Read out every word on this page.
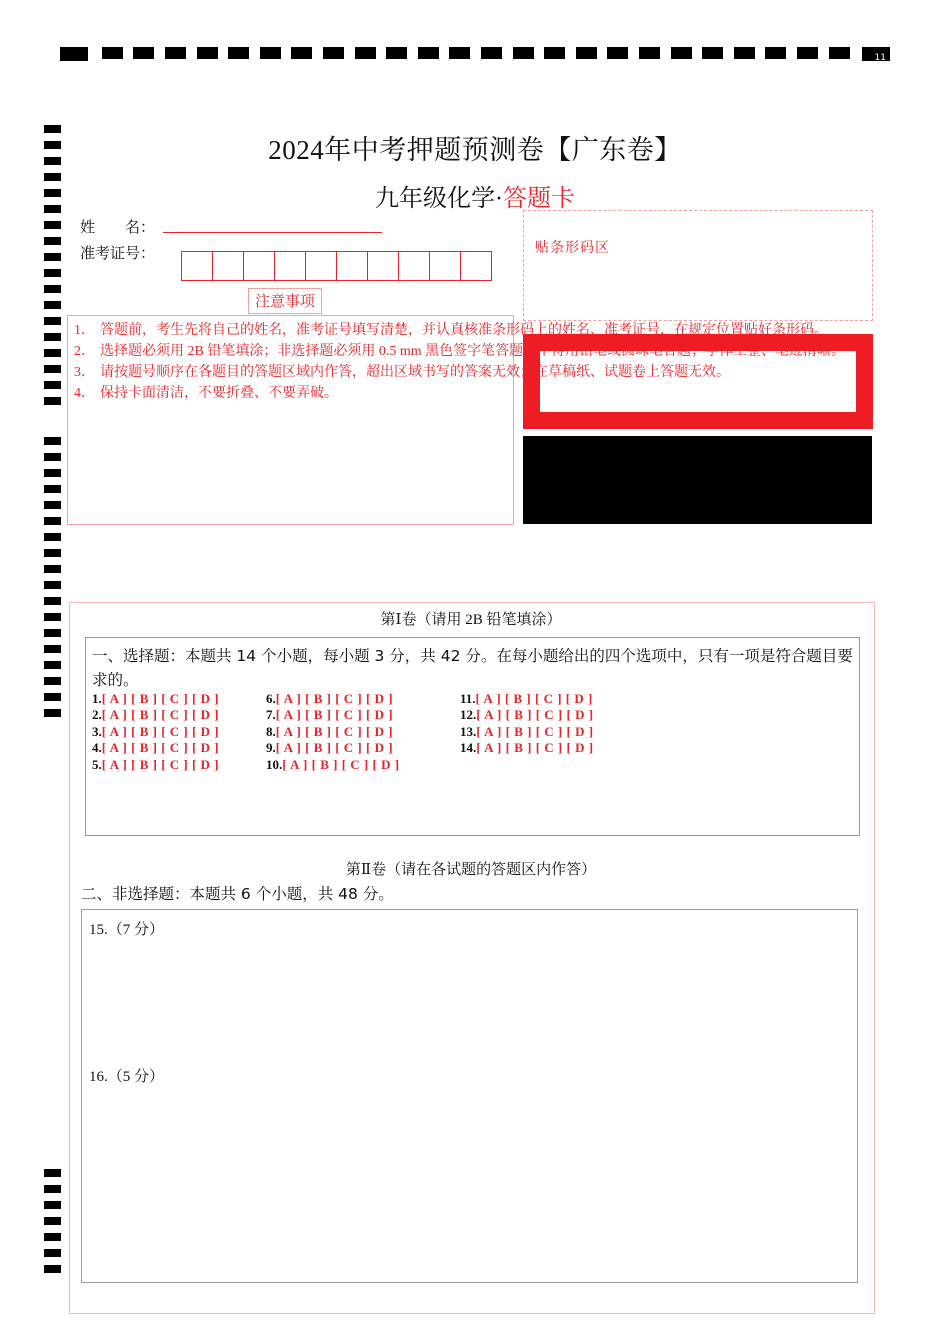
11
2024年中考押题预测卷【广东卷】
九年级化学·答题卡
姓　　名：
准考证号：	贴条形码区
注意事项
1． 答题前，考生先将自己的姓名，准考证号填写清楚，并认真核准条形码上的姓名、准考证号，在规定位置贴好条形码。
2． 选择题必须用 2B 铅笔填涂；非选择题必须用 0.5 mm 黑色签字笔答题，不得用铅笔或圆珠笔答题；字体工整、笔迹清晰。
3． 请按题号顺序在各题目的答题区域内作答，超出区域书写的答案无效；在草稿纸、试题卷上答题无效。
4． 保持卡面清洁，不要折叠、不要弄破。
第Ⅰ卷（请用 2B 铅笔填涂）
一、选择题：本题共 14 个小题，每小题 3 分，共 42 分。在每小题给出的四个选项中，只有一项是符合题目要求的。
1.[ A ] [ B ] [ C ] [ D ]
2.[ A ] [ B ] [ C ] [ D ]
3.[ A ] [ B ] [ C ] [ D ]
4.[ A ] [ B ] [ C ] [ D ]
5.[ A ] [ B ] [ C ] [ D ]
6.[ A ] [ B ] [ C ] [ D ]
7.[ A ] [ B ] [ C ] [ D ]
8.[ A ] [ B ] [ C ] [ D ]
9.[ A ] [ B ] [ C ] [ D ]
10.[ A ] [ B ] [ C ] [ D ]
11.[ A ] [ B ] [ C ] [ D ]
12.[ A ] [ B ] [ C ] [ D ]
13.[ A ] [ B ] [ C ] [ D ]
14.[ A ] [ B ] [ C ] [ D ]
第Ⅱ卷（请在各试题的答题区内作答）
二、非选择题：本题共 6 个小题，共 48 分。
15.（7 分）
16.（5 分）
